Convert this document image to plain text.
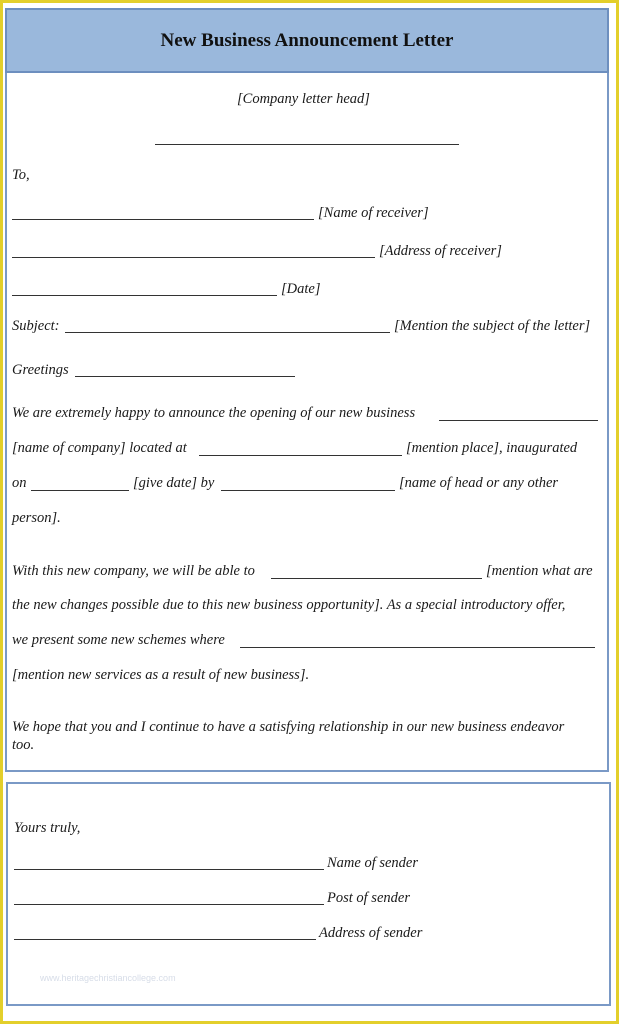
New Business Announcement Letter
[Company letter head]
To,
[Name of receiver]
[Address of receiver]
[Date]
Subject:	[Mention the subject of the letter]
Greetings
We are extremely happy to announce the opening of our new business
[name of company] located at	[mention place], inaugurated
on	[give date] by	[name of head or any other
person].
With this new company, we will be able to	[mention what are
the new changes possible due to this new business opportunity]. As a special introductory offer,
we present some new schemes where
[mention new services as a result of new business].
We hope that you and I continue to have a satisfying relationship in our new business endeavor
too.
Yours truly,
Name of sender
Post of sender
Address of sender
www.heritagechristiancollege.com
